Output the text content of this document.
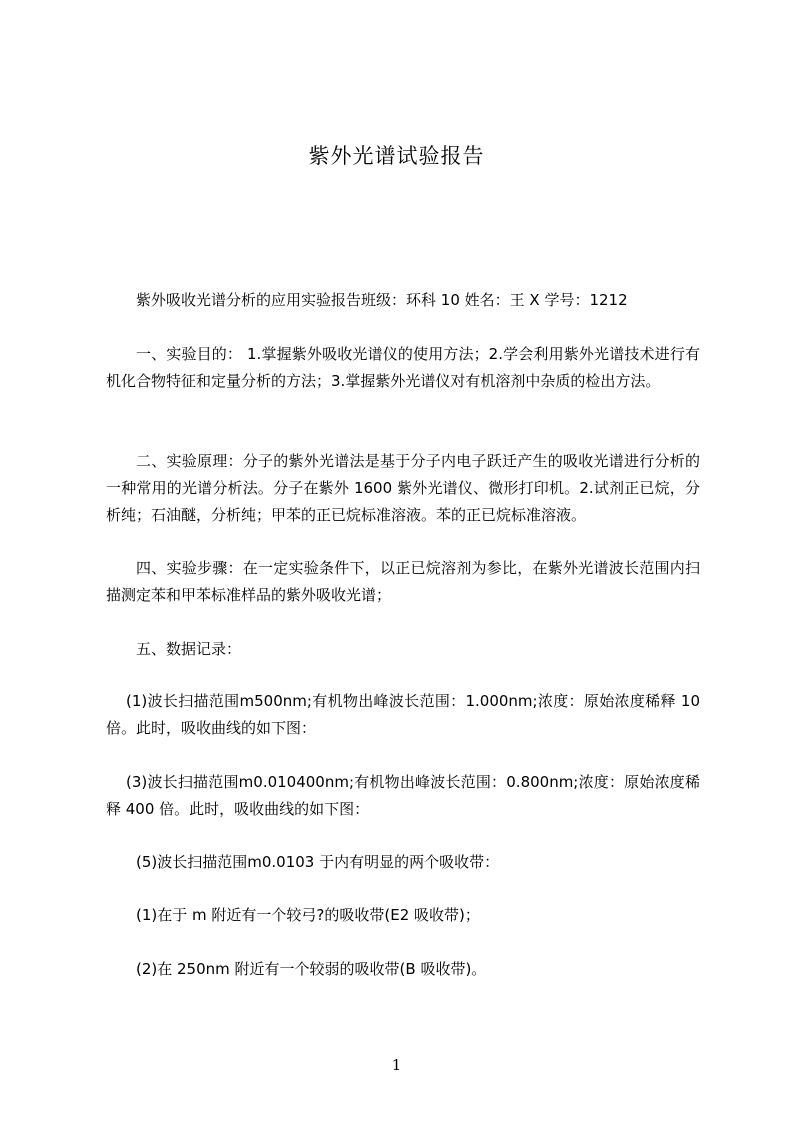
紫外光谱试验报告

紫外吸收光谱分析的应用实验报告班级：环科 10 姓名：王 X 学号：1212

一、实验目的： 1.掌握紫外吸收光谱仪的使用方法；2.学会利用紫外光谱技术进行有机化合物特征和定量分析的方法；3.掌握紫外光谱仪对有机溶剂中杂质的检出方法。

二、实验原理：分子的紫外光谱法是基于分子内电子跃迁产生的吸收光谱进行分析的一种常用的光谱分析法。分子在紫外 1600 紫外光谱仪、微形打印机。2.试剂正已烷，分析纯；石油醚，分析纯；甲苯的正已烷标准溶液。苯的正已烷标准溶液。

四、实验步骤：在一定实验条件下，以正已烷溶剂为参比，在紫外光谱波长范围内扫描测定苯和甲苯标准样品的紫外吸收光谱；

五、数据记录：

(1)波长扫描范围m500nm;有机物出峰波长范围：1.000nm;浓度：原始浓度稀释 10 倍。此时，吸收曲线的如下图：

(3)波长扫描范围m0.010400nm;有机物出峰波长范围：0.800nm;浓度：原始浓度稀释 400 倍。此时，吸收曲线的如下图：

(5)波长扫描范围m0.0103 于内有明显的两个吸收带：

(1)在于 m 附近有一个较弓?的吸收带(E2 吸收带)；

(2)在 250nm 附近有一个较弱的吸收带(B 吸收带)。

1
